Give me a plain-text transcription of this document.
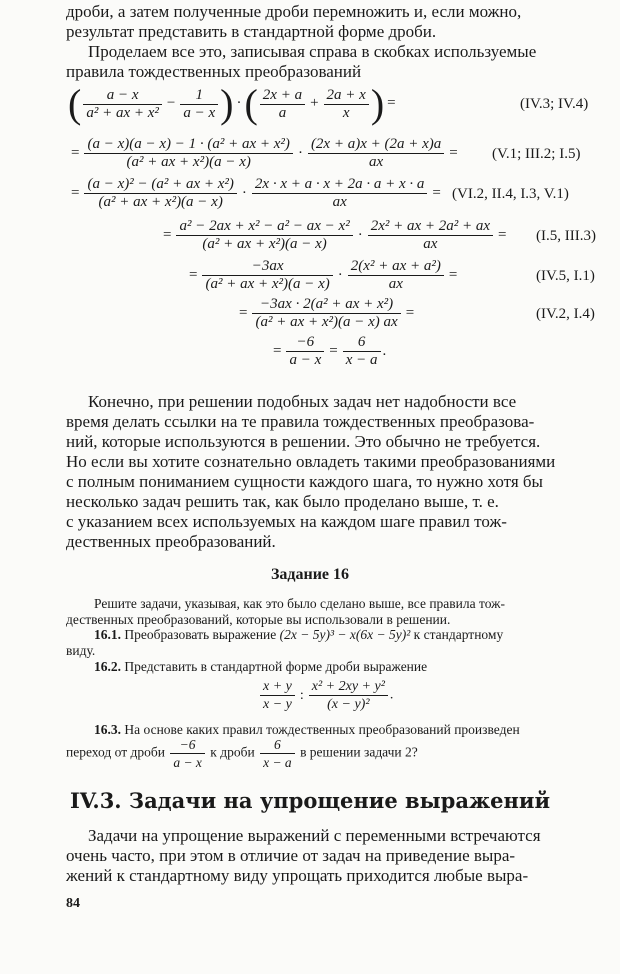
дроби, а затем полученные дроби перемножить и, если можно,
результат представить в стандартной форме дроби.
Проделаем все это, записывая справа в скобках используемые
правила тождественных преобразований
( $\frac{a - x}{\text{a² + ax + x²}} - \frac{1}{a - x}$ ) ·( $\frac{2x + a}{a} + \frac{2a + x}{x}$ ) =	(IV.3; IV.4)
= $\frac{\text{(a − x)(a − x) − 1 · (a² + ax + x²)}}{\text{(a² + ax + x²)(a − x)}} \cdot \frac{(2x + a)x + (2a + x)a}{ax} = (V.1$; III.2; I.5)
= $\frac{\text{(a − x)² − (a² + ax + x²)}}{\text{(a² + ax + x²)(a − x)}} \cdot \frac{2x \cdot x + a \cdot x + 2a \cdot a + x \cdot a}{ax} = (VI.2$, II.4, I.3, V.1)
= $\frac{\text{a² − 2ax + x² − a² − ax − x²}}{\text{(a² + ax + x²)(a − x)}} \cdot \frac{\text{2x² + ax + 2a² + ax}}{ax} = (I.5$, III.3)
= $\frac{-3ax}{\text{(a² + ax + x²)(a − x)}} \cdot \frac{\text{2(x² + ax + a²)}}{ax}$ =	(IV.5, I.1)
= $\frac{\text{−3ax · 2(a² + ax + x²)}}{\text{(a² + ax + x²)(a − x) ax}}$ =	(IV.2, I.4)
= $\frac{-6}{a - x} = \frac{6}{x - a}$ .
Конечно, при решении подобных задач нет надобности все
время делать ссылки на те правила тождественных преобразова-
ний, которые используются в решении. Это обычно не требуется.
Но если вы хотите сознательно овладеть такими преобразованиями
с полным пониманием сущности каждого шага, то нужно хотя бы
несколько задач решить так, как было проделано выше, т. е.
с указанием всех используемых на каждом шаге правил тож-
дественных преобразований.
Задание 16
Решите задачи, указывая, как это было сделано выше, все правила тож-
дественных преобразований, которые вы использовали в решении.
16.1. Преобразовать выражение (2x − 5y)³ − x(6x − 5y)² к стандартному
виду.
16.2. Представить в стандартной форме дроби выражение
$\frac{x + y}{x - y}$ : $\frac{\text{x² + 2xy + y²}}{\text{(x − y)²}}$ .
16.3. На основе каких правил тождественных преобразований произведен
переход от дроби $\frac{-6}{a - x}$ к дроби $\frac{6}{x - a}$ в решении задачи 2?
IV.3. Задачи на упрощение выражений
Задачи на упрощение выражений с переменными встречаются
очень часто, при этом в отличие от задач на приведение выра-
жений к стандартному виду упрощать приходится любые выра-
84
